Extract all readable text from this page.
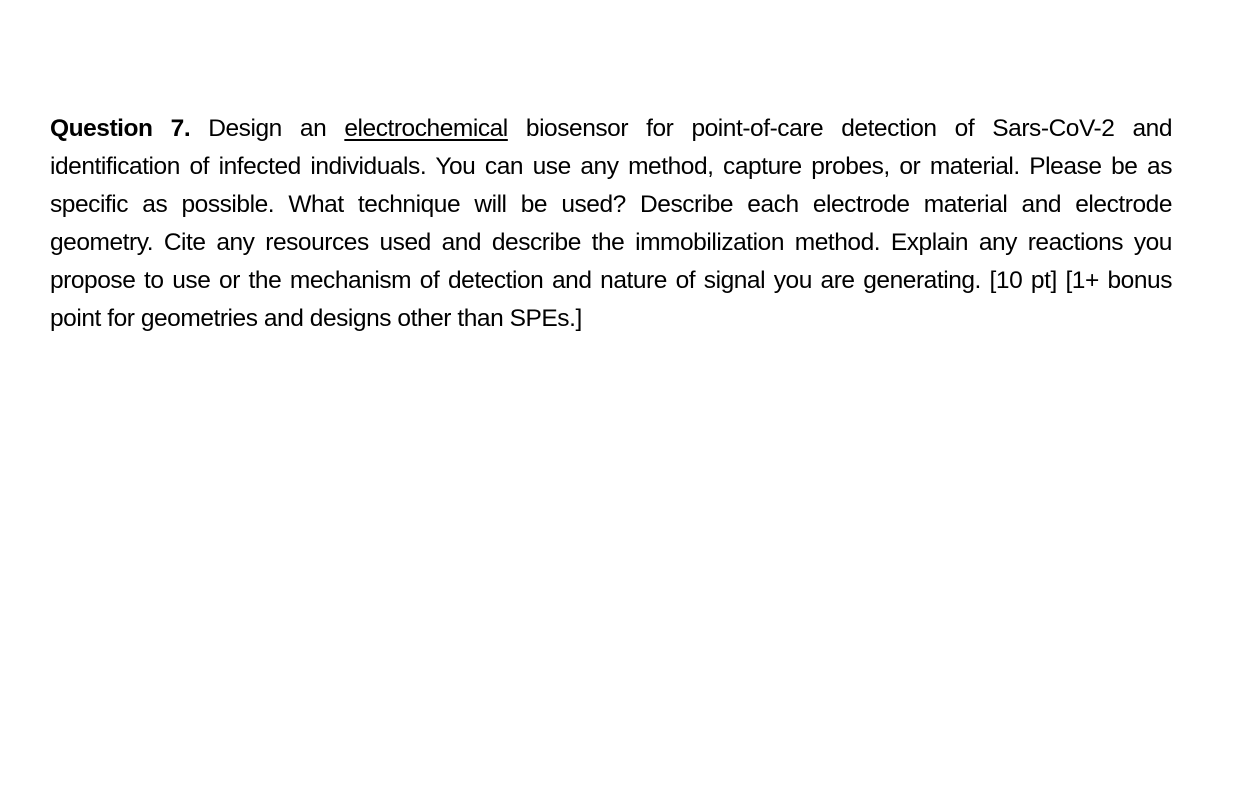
Question 7. Design an electrochemical biosensor for point-of-care detection of Sars-CoV-2 and identification of infected individuals. You can use any method, capture probes, or material. Please be as specific as possible. What technique will be used? Describe each electrode material and electrode geometry. Cite any resources used and describe the immobilization method. Explain any reactions you propose to use or the mechanism of detection and nature of signal you are generating. [10 pt] [1+ bonus point for geometries and designs other than SPEs.]
